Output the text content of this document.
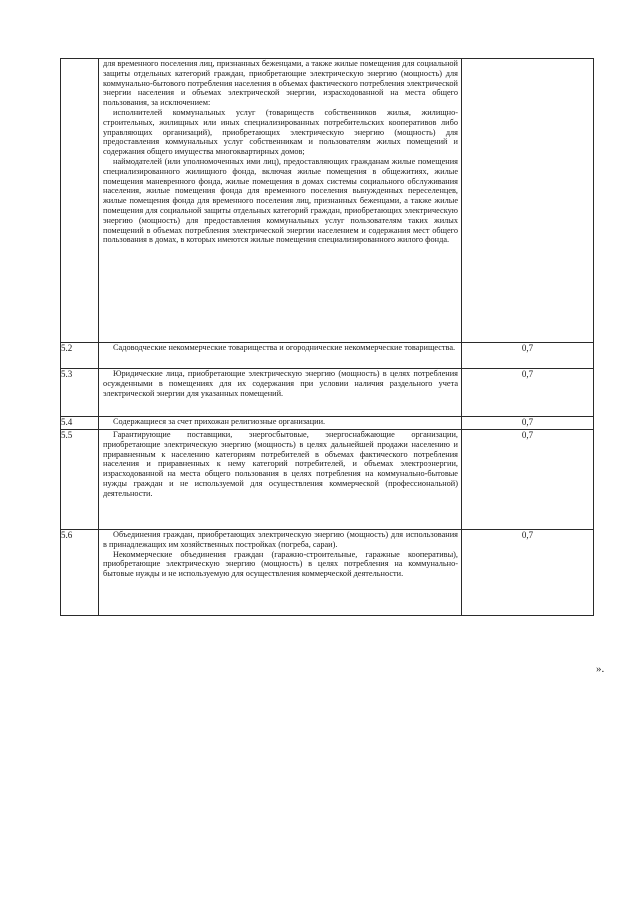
	для временного поселения лиц, признанных беженцами, а также жилые помещения для социальной защиты отдельных категорий граждан, приобретающие электрическую энергию (мощность) для коммунально-бытового потребления населения в объемах фактического потребления электрической энергии населения и объемах электрической энергии, израсходованной на места общего пользования, за исключением:

исполнителей коммунальных услуг (товариществ собственников жилья, жилищно-строительных, жилищных или иных специализированных потребительских кооперативов либо управляющих организаций), приобретающих электрическую энергию (мощность) для предоставления коммунальных услуг собственникам и пользователям жилых помещений и содержания общего имущества многоквартирных домов;

наймодателей (или уполномоченных ими лиц), предоставляющих гражданам жилые помещения специализированного жилищного фонда, включая жилые помещения в общежитиях, жилые помещения маневренного фонда, жилые помещения в домах системы социального обслуживания населения, жилые помещения фонда для временного поселения вынужденных переселенцев, жилые помещения фонда для временного поселения лиц, признанных беженцами, а также жилые помещения для социальной защиты отдельных категорий граждан, приобретающих электрическую энергию (мощность) для предоставления коммунальных услуг пользователям таких жилых помещений в объемах потребления электрической энергии населением и содержания мест общего пользования в домах, в которых имеются жилые помещения специализированного жилого фонда.	

5.2	Садоводческие некоммерческие товарищества и огороднические некоммерческие товарищества.	0,7
5.3	Юридические лица, приобретающие электрическую энергию (мощность) в целях потребления осужденными в помещениях для их содержания при условии наличия раздельного учета электрической энергии для указанных помещений.	0,7
5.4	Содержащиеся за счет прихожан религиозные организации.	0,7
5.5	Гарантирующие поставщики, энергосбытовые, энергоснабжающие организации, приобретающие электрическую энергию (мощность) в целях дальнейшей продажи населению и приравненным к населению категориям потребителей в объемах фактического потребления населения и приравненных к нему категорий потребителей, и объемах электроэнергии, израсходованной на места общего пользования в целях потребления на коммунально-бытовые нужды граждан и не используемой для осуществления коммерческой (профессиональной) деятельности.	0,7
5.6	Объединения граждан, приобретающих электрическую энергию (мощность) для использования в принадлежащих им хозяйственных постройках (погреба, сараи).

Некоммерческие объединения граждан (гаражно-строительные, гаражные кооперативы), приобретающие электрическую энергию (мощность) в целях потребления на коммунально-бытовые нужды и не используемую для осуществления коммерческой деятельности.	0,7
».
